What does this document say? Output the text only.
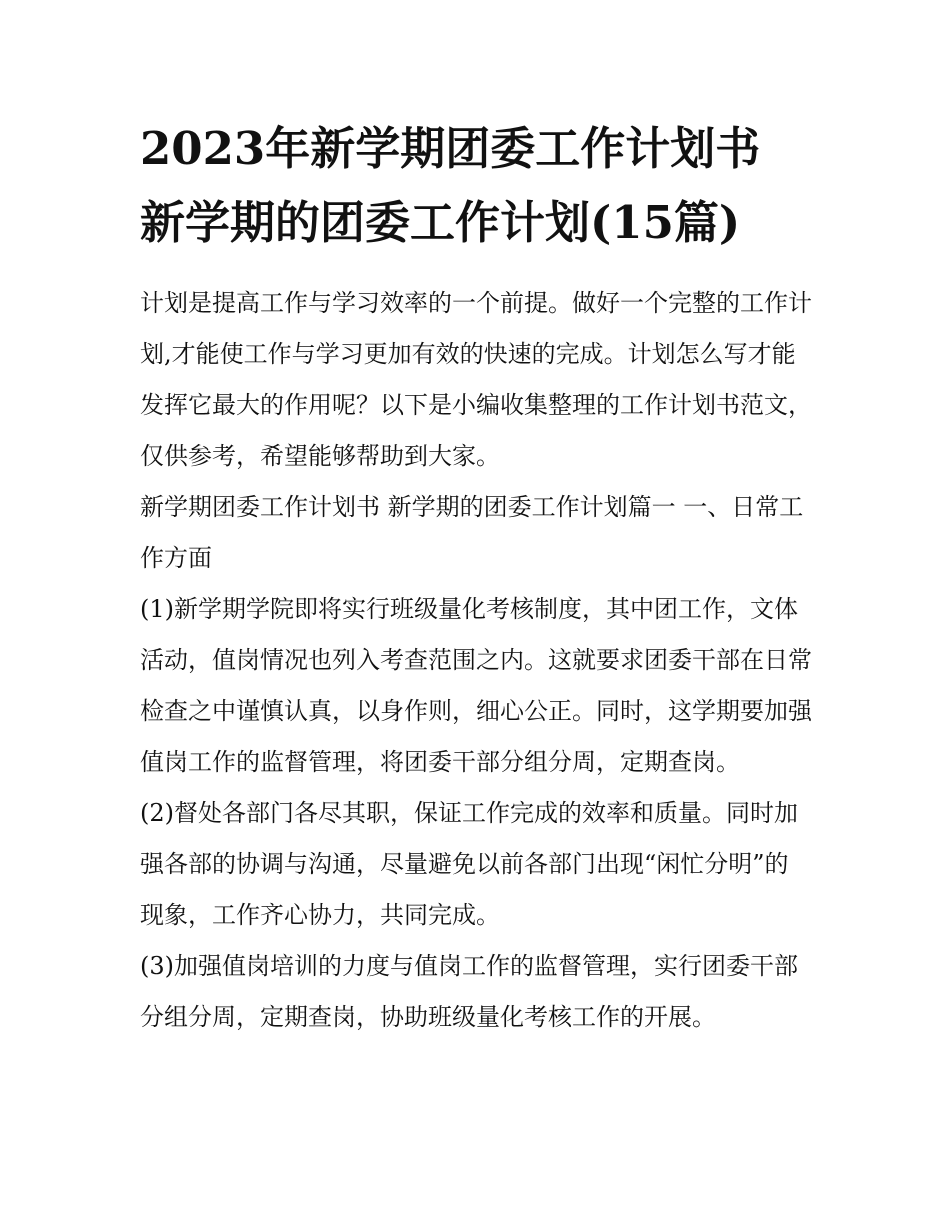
2023年新学期团委工作计划书
新学期的团委工作计划(15篇)

计划是提高工作与学习效率的一个前提。做好一个完整的工作计划,才能使工作与学习更加有效的快速的完成。计划怎么写才能发挥它最大的作用呢？以下是小编收集整理的工作计划书范文，仅供参考，希望能够帮助到大家。

新学期团委工作计划书 新学期的团委工作计划篇一 一、日常工作方面

(1)新学期学院即将实行班级量化考核制度，其中团工作，文体活动，值岗情况也列入考查范围之内。这就要求团委干部在日常检查之中谨慎认真，以身作则，细心公正。同时，这学期要加强值岗工作的监督管理，将团委干部分组分周，定期查岗。

(2)督处各部门各尽其职，保证工作完成的效率和质量。同时加强各部的协调与沟通，尽量避免以前各部门出现“闲忙分明”的现象，工作齐心协力，共同完成。

(3)加强值岗培训的力度与值岗工作的监督管理，实行团委干部分组分周，定期查岗，协助班级量化考核工作的开展。
